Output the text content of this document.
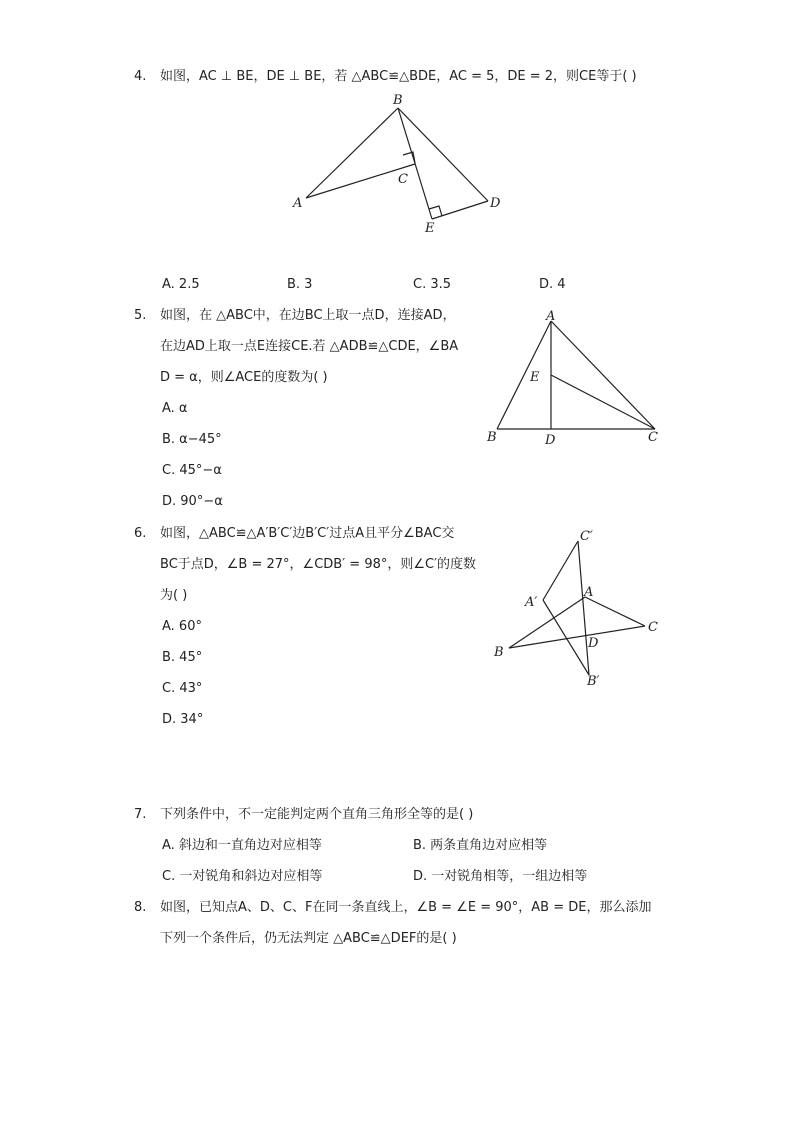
4.	如图，AC ⊥ BE，DE ⊥ BE，若 △ABC≌△BDE，AC = 5，DE = 2，则CE等于( )
B
A
C
D
E
A. 2.5	B. 3	C. 3.5	D. 4
5.	如图，在 △ABC中，在边BC上取一点D，连接AD，
在边AD上取一点E连接CE.若 △ADB≌△CDE，∠BA
D = α，则∠ACE的度数为( )
A
E
B	D	C
A. α
B. α−45°
C. 45°−α
D. 90°−α
6.	如图，△ABC≌△A′B′C′边B′C′过点A且平分∠BAC交
BC于点D，∠B = 27°，∠CDB′ = 98°，则∠C′的度数
为( )
C′
A′
A
C
D
B
B′
A. 60°
B. 45°
C. 43°
D. 34°
7.	下列条件中，不一定能判定两个直角三角形全等的是( )
A. 斜边和一直角边对应相等	B. 两条直角边对应相等
C. 一对锐角和斜边对应相等	D. 一对锐角相等，一组边相等
8.	如图，已知点A、D、C、F在同一条直线上，∠B = ∠E = 90°，AB = DE，那么添加
下列一个条件后，仍无法判定 △ABC≌△DEF的是( )
